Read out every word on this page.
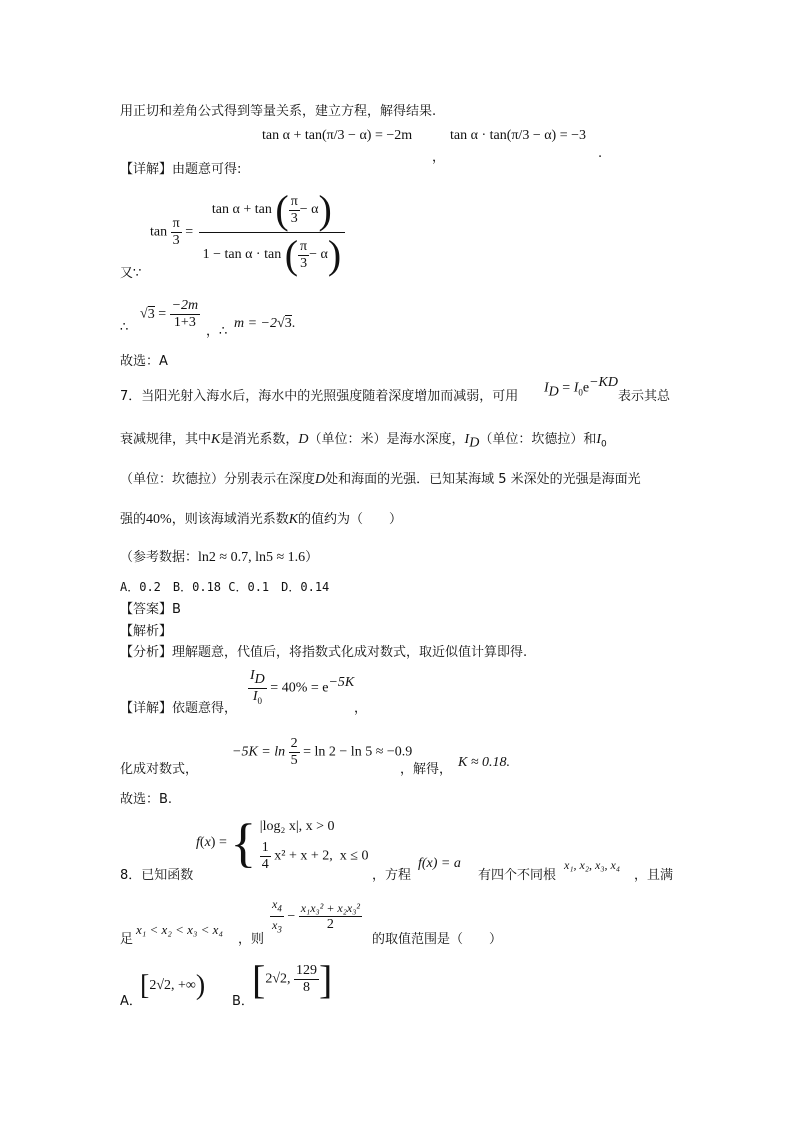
用正切和差角公式得到等量关系，建立方程，解得结果.
tan α + tan(π/3 − α) = −2m
，
tan α · tan(π/3 − α) = −3
.
【详解】由题意可得:
$\tan \frac{\pi}{3} = \frac{\tan \alpha + \tan ( \frac{\pi}{3} - \alpha)}{1 - \tan \alpha \cdot \tan ( \frac{\pi}{3} - \alpha)}$
又∵
$√3 = \frac{-2m}{1+3}$
∴	，∴
m = −2√3.
故选：A
7．当阳光射入海水后，海水中的光照强度随着深度增加而减弱，可用
$I_D = I_0e^{-KD}$
表示其总
衰减规律，其中K是消光系数，D（单位：米）是海水深度，$I_D$（单位：坎德拉）和$I_0$
（单位：坎德拉）分别表示在深度D处和海面的光强．已知某海域 5 米深处的光强是海面光
强的40%，则该海域消光系数K的值约为（　　）
（参考数据：ln2 ≈ 0.7, ln5 ≈ 1.6）
A．0.2　B．0.18 C．0.1　D．0.14
【答案】B
【解析】
【分析】理解题意，代值后，将指数式化成对数式，取近似值计算即得.
$\frac{I_D}{I_0} = 40\% = e^{-5K}$
【详解】依题意得，	，
$-5K = \ln \frac{2}{5} = \ln 2 - \ln 5 \approx -0.9$
化成对数式，	，解得， K ≈ 0.18.
故选：B.
f(x) = { |log₂ x|, x > 0
$\frac{1}{4} x^2 + x + 2$, x ≤ 0
8．已知函数	，方程
f(x) = a
有四个不同根
x₁, x₂, x₃, x₄
，且满
$\frac{x_4}{x_3} - \frac{\text{x₁x₃² + x₂x₃²}}{2}$
足
x₁ < x₂ < x₃ < x₄
，则	的取值范围是（　　）
A．
[2√2, +∞)
B．
[2√2, $\frac{129}{8}$ ]
